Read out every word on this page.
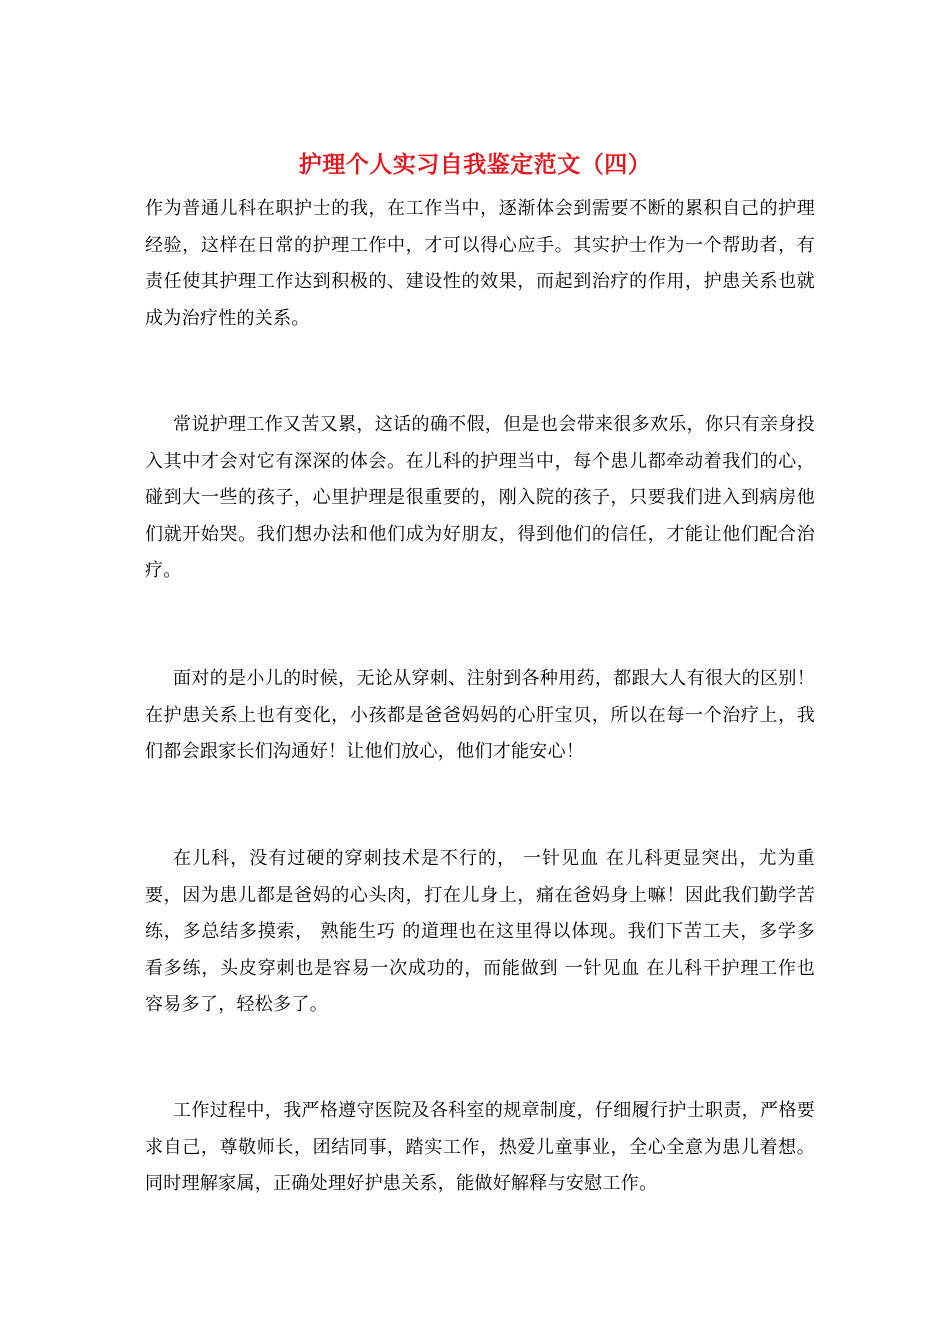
护理个人实习自我鉴定范文（四）

作为普通儿科在职护士的我，在工作当中，逐渐体会到需要不断的累积自己的护理经验，这样在日常的护理工作中，才可以得心应手。其实护士作为一个帮助者，有责任使其护理工作达到积极的、建设性的效果，而起到治疗的作用，护患关系也就成为治疗性的关系。

常说护理工作又苦又累，这话的确不假，但是也会带来很多欢乐，你只有亲身投入其中才会对它有深深的体会。在儿科的护理当中，每个患儿都牵动着我们的心，碰到大一些的孩子，心里护理是很重要的，刚入院的孩子，只要我们进入到病房他们就开始哭。我们想办法和他们成为好朋友，得到他们的信任，才能让他们配合治疗。

面对的是小儿的时候，无论从穿刺、注射到各种用药，都跟大人有很大的区别！在护患关系上也有变化，小孩都是爸爸妈妈的心肝宝贝，所以在每一个治疗上，我们都会跟家长们沟通好！让他们放心，他们才能安心！

在儿科，没有过硬的穿刺技术是不行的， 一针见血 在儿科更显突出，尤为重要，因为患儿都是爸妈的心头肉，打在儿身上，痛在爸妈身上嘛！因此我们勤学苦练，多总结多摸索， 熟能生巧 的道理也在这里得以体现。我们下苦工夫，多学多看多练，头皮穿刺也是容易一次成功的，而能做到 一针见血 在儿科干护理工作也容易多了，轻松多了。

工作过程中，我严格遵守医院及各科室的规章制度，仔细履行护士职责，严格要求自己，尊敬师长，团结同事，踏实工作，热爱儿童事业，全心全意为患儿着想。同时理解家属，正确处理好护患关系，能做好解释与安慰工作。
